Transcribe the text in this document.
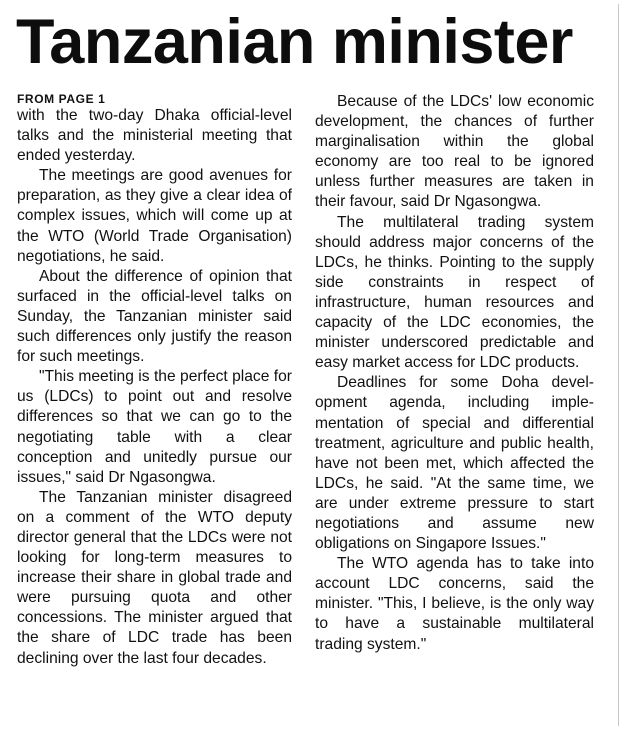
Tanzanian minister
FROM PAGE 1

with the two-day Dhaka official-level talks and the ministerial meeting that ended yesterday.

The meetings are good avenues for preparation, as they give a clear idea of complex issues, which will come up at the WTO (World Trade Organisation) negotiations, he said.

About the difference of opinion that surfaced in the official-level talks on Sunday, the Tanzanian minister said such differences only justify the reason for such meetings.

"This meeting is the perfect place for us (LDCs) to point out and resolve differences so that we can go to the negotiating table with a clear conception and unitedly pursue our issues," said Dr Ngasongwa.

The Tanzanian minister disagreed on a comment of the WTO deputy director general that the LDCs were not looking for long-term measures to increase their share in global trade and were pursuing quota and other concessions. The minister argued that the share of LDC trade has been declining over the last four decades.

Because of the LDCs' low economic development, the chances of further marginalisation within the global economy are too real to be ignored unless further measures are taken in their favour, said Dr Ngasongwa.

The multilateral trading system should address major concerns of the LDCs, he thinks. Pointing to the supply side constraints in respect of infrastructure, human resources and capacity of the LDC economies, the minister underscored predictable and easy market access for LDC products.

Deadlines for some Doha development agenda, including implementation of special and differential treatment, agriculture and public health, have not been met, which affected the LDCs, he said. "At the same time, we are under extreme pressure to start negotiations and assume new obligations on Singapore Issues."

The WTO agenda has to take into account LDC concerns, said the minister. "This, I believe, is the only way to have a sustainable multilateral trading system."
